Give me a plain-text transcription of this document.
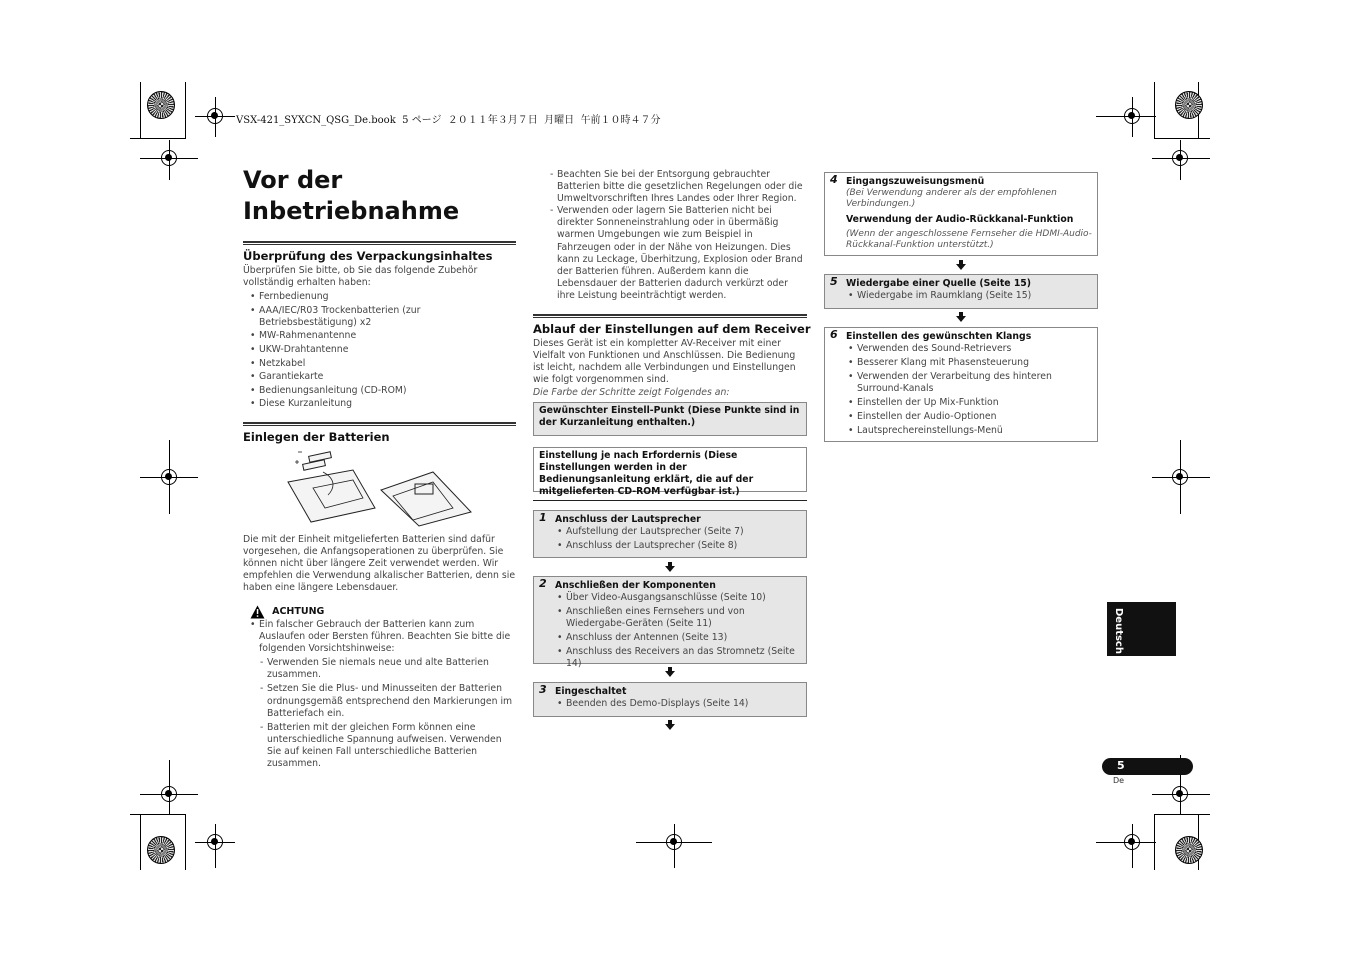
VSX-421_SYXCN_QSG_De.book  5 ページ  ２０１１年３月７日  月曜日  午前１０時４７分
Vor der
Inbetriebnahme
Überprüfung des Verpackungsinhaltes
Überprüfen Sie bitte, ob Sie das folgende Zubehör vollständig erhalten haben:
• Fernbedienung
• AAA/IEC/R03 Trockenbatterien (zur Betriebsbestätigung) x2
• MW-Rahmenantenne
• UKW-Drahtantenne
• Netzkabel
• Garantiekarte
• Bedienungsanleitung (CD-ROM)
• Diese Kurzanleitung
Einlegen der Batterien
Die mit der Einheit mitgelieferten Batterien sind dafür vorgesehen, die Anfangsoperationen zu überprüfen. Sie können nicht über längere Zeit verwendet werden. Wir empfehlen die Verwendung alkalischer Batterien, denn sie haben eine längere Lebensdauer.
ACHTUNG
• Ein falscher Gebrauch der Batterien kann zum Auslaufen oder Bersten führen. Beachten Sie bitte die folgenden Vorsichtshinweise:
- Verwenden Sie niemals neue und alte Batterien zusammen.
- Setzen Sie die Plus- und Minusseiten der Batterien ordnungsgemäß entsprechend den Markierungen im Batteriefach ein.
- Batterien mit der gleichen Form können eine unterschiedliche Spannung aufweisen. Verwenden Sie auf keinen Fall unterschiedliche Batterien zusammen.
- Beachten Sie bei der Entsorgung gebrauchter Batterien bitte die gesetzlichen Regelungen oder die Umweltvorschriften Ihres Landes oder Ihrer Region.
- Verwenden oder lagern Sie Batterien nicht bei direkter Sonneneinstrahlung oder in übermäßig warmen Umgebungen wie zum Beispiel in Fahrzeugen oder in der Nähe von Heizungen. Dies kann zu Leckage, Überhitzung, Explosion oder Brand der Batterien führen. Außerdem kann die Lebensdauer der Batterien dadurch verkürzt oder ihre Leistung beeinträchtigt werden.
Ablauf der Einstellungen auf dem Receiver
Dieses Gerät ist ein kompletter AV-Receiver mit einer Vielfalt von Funktionen und Anschlüssen. Die Bedienung ist leicht, nachdem alle Verbindungen und Einstellungen wie folgt vorgenommen sind.
Die Farbe der Schritte zeigt Folgendes an:
Gewünschter Einstell-Punkt (Diese Punkte sind in der Kurzanleitung enthalten.)
Einstellung je nach Erfordernis (Diese Einstellungen werden in der Bedienungsanleitung erklärt, die auf der mitgelieferten CD-ROM verfügbar ist.)
1 Anschluss der Lautsprecher
• Aufstellung der Lautsprecher (Seite 7)
• Anschluss der Lautsprecher (Seite 8)
2 Anschließen der Komponenten
• Über Video-Ausgangsanschlüsse (Seite 10)
• Anschließen eines Fernsehers und von Wiedergabe-Geräten (Seite 11)
• Anschluss der Antennen (Seite 13)
• Anschluss des Receivers an das Stromnetz (Seite 14)
3 Eingeschaltet
• Beenden des Demo-Displays (Seite 14)
4 Eingangszuweisungsmenü
(Bei Verwendung anderer als der empfohlenen Verbindungen.)
Verwendung der Audio-Rückkanal-Funktion
(Wenn der angeschlossene Fernseher die HDMI-Audio-Rückkanal-Funktion unterstützt.)
5 Wiedergabe einer Quelle (Seite 15)
• Wiedergabe im Raumklang (Seite 15)
6 Einstellen des gewünschten Klangs
• Verwenden des Sound-Retrievers
• Besserer Klang mit Phasensteuerung
• Verwenden der Verarbeitung des hinteren Surround-Kanals
• Einstellen der Up Mix-Funktion
• Einstellen der Audio-Optionen
• Lautsprechereinstellungs-Menü
Deutsch
5
De
